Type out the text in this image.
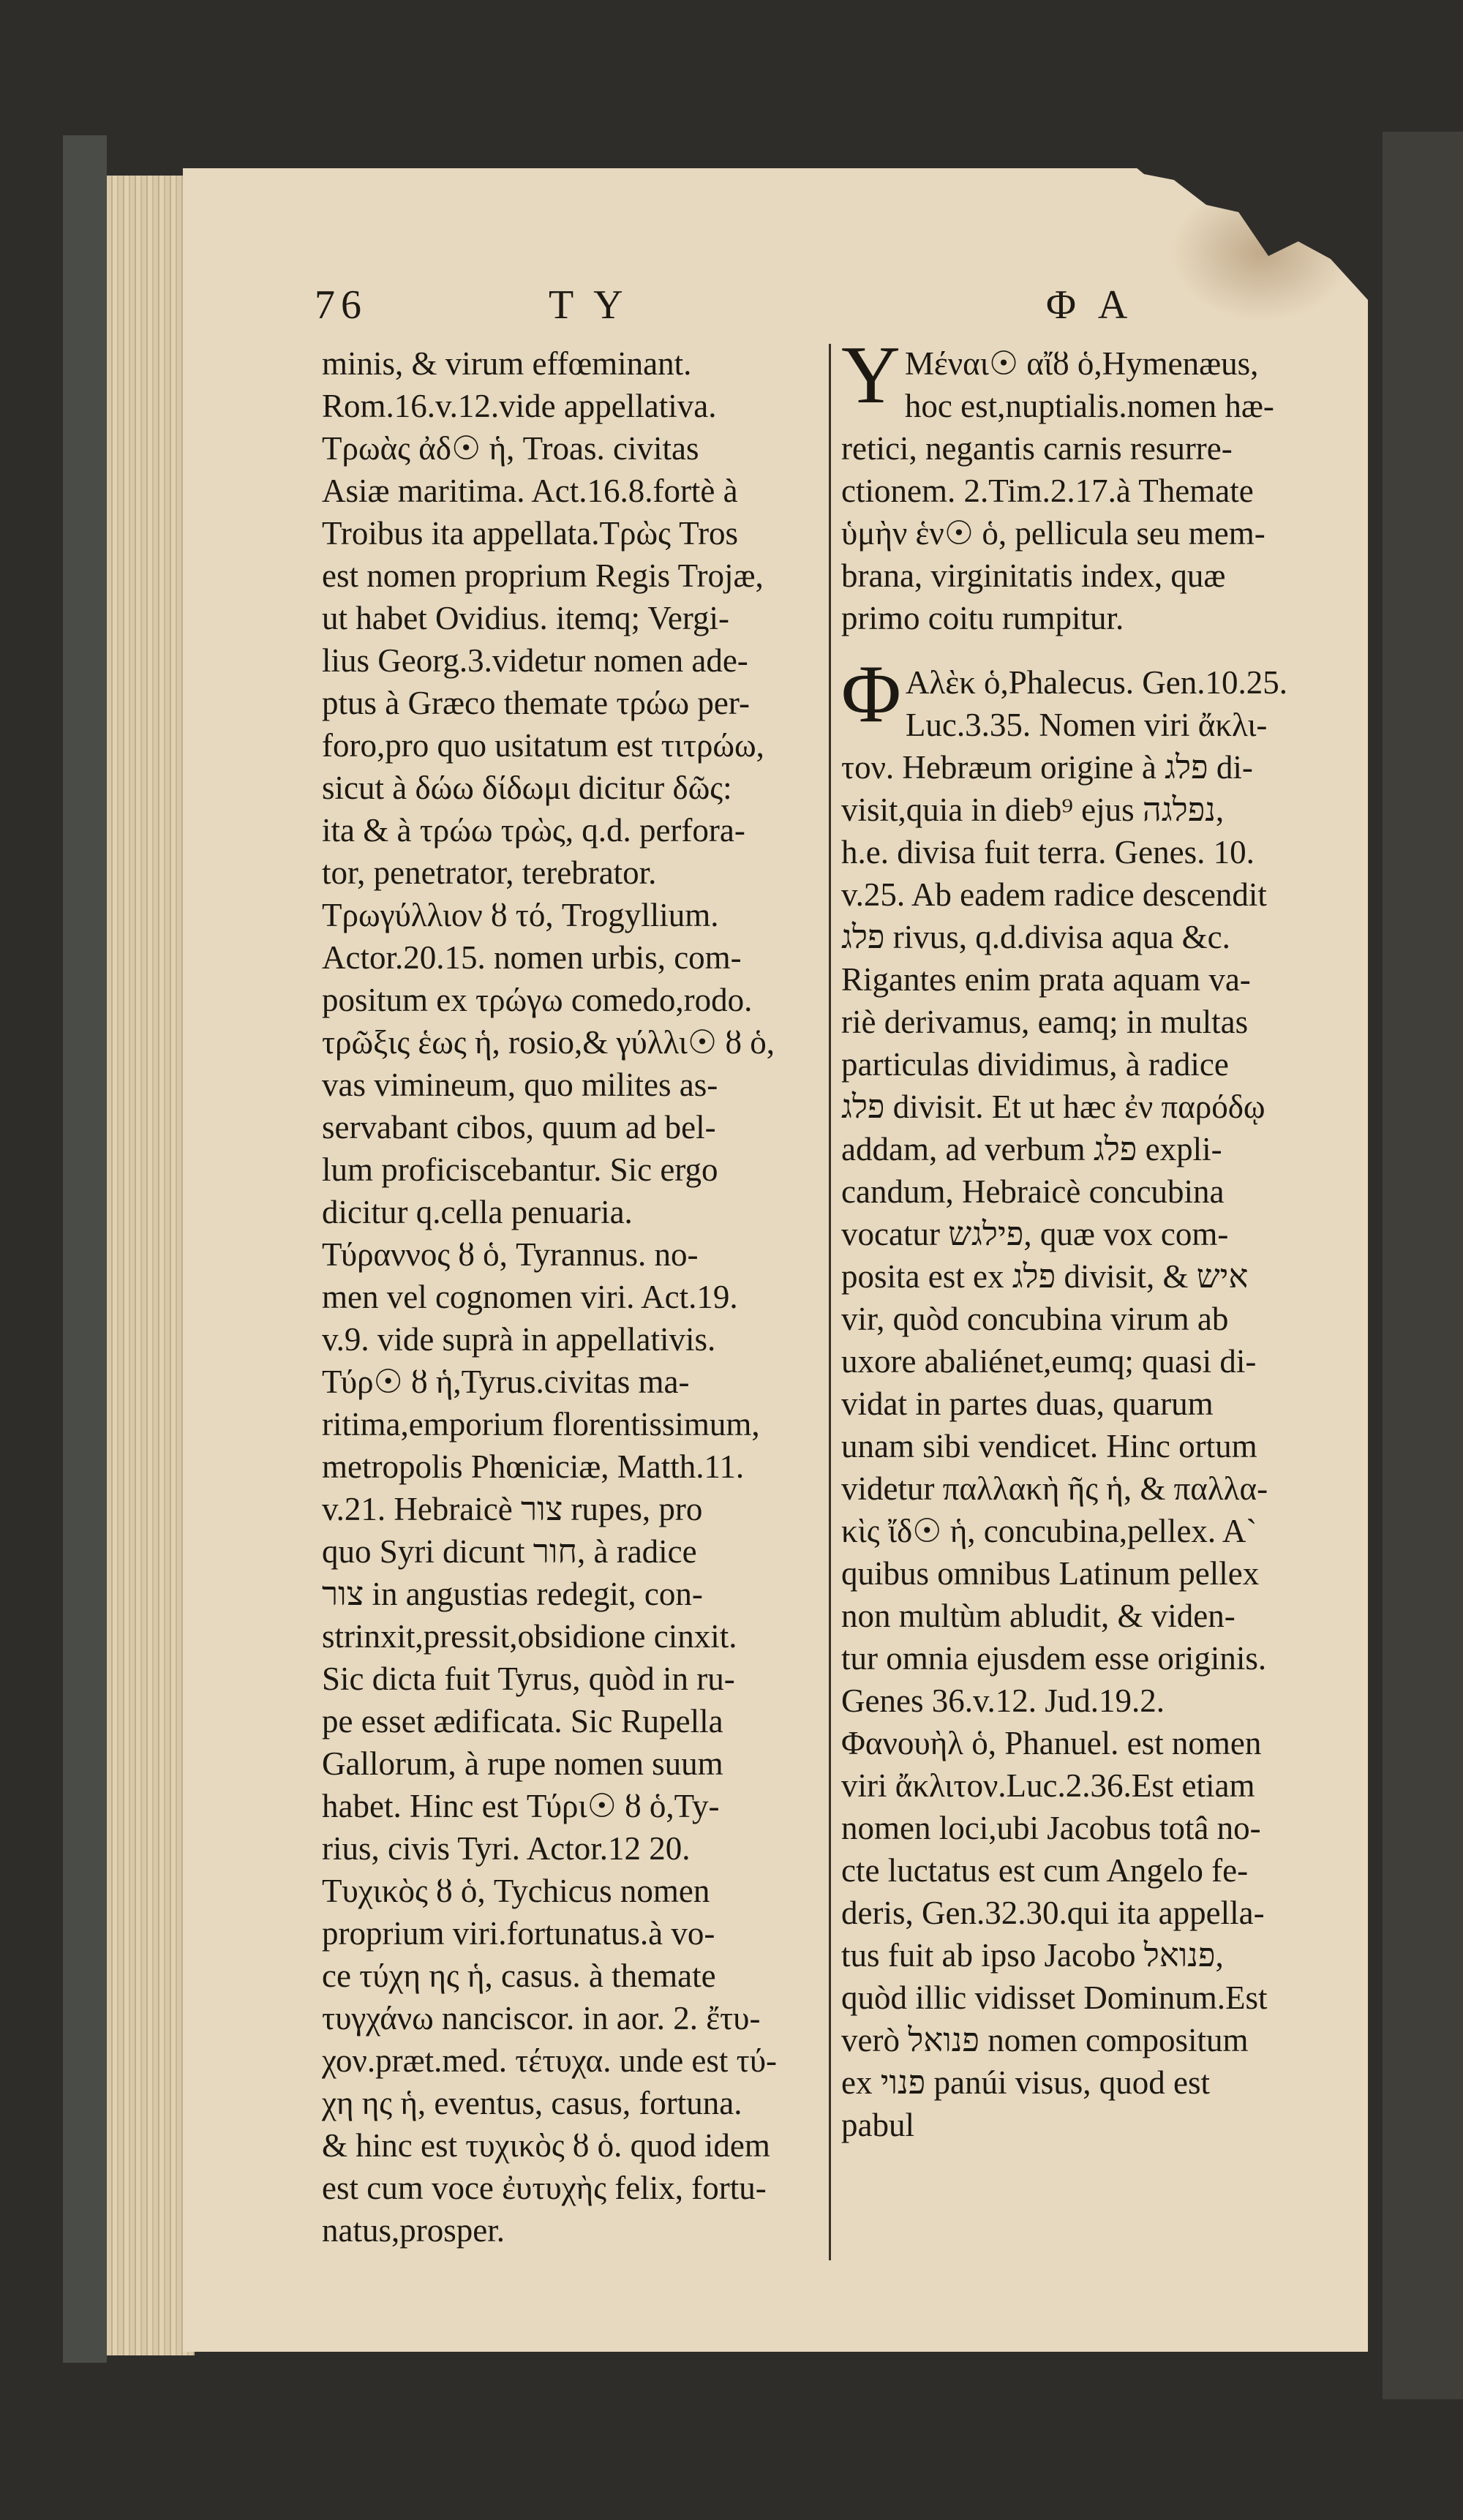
76	T Y	Φ A

minis, & virum effœminant.

Rom.16.v.12.vide appellativa.

Τρωὰς ἀδ☉ ἡ, Troas. civitas

Asiæ maritima. Act.16.8.fortè à

Troibus ita appellata.Τρὼς Tros

est nomen proprium Regis Trojæ,

ut habet Ovidius. itemq; Vergi-

lius Georg.3.videtur nomen ade-

ptus à Græco themate τρώω per-

foro,pro quo usitatum est τιτρώω,

sicut à δώω δίδωμι dicitur δῶς:

ita & à τρώω τρὼς, q.d. perfora-

tor, penetrator, terebrator.

Τρωγύλλιον ȣ τό, Trogyllium.

Actor.20.15. nomen urbis, com-

positum ex τρώγω comedo,rodo.

τρῶξις ἑως ἡ, rosio,& γύλλι☉ ȣ ὁ,

vas vimineum, quo milites as-

servabant cibos, quum ad bel-

lum proficiscebantur. Sic ergo

dicitur q.cella penuaria.

Τύραννος ȣ ὁ, Tyrannus. no-

men vel cognomen viri. Act.19.

v.9. vide suprà in appellativis.

Τύρ☉ ȣ ἡ,Tyrus.civitas ma-

ritima,emporium florentissimum,

metropolis Phœniciæ, Matth.11.

v.21. Hebraicè צור rupes, pro

quo Syri dicunt חור, à radice

צור in angustias redegit, con-

strinxit,pressit,obsidione cinxit.

Sic dicta fuit Tyrus, quòd in ru-

pe esset ædificata. Sic Rupella

Gallorum, à rupe nomen suum

habet. Hinc est Τύρι☉ ȣ ὁ,Ty-

rius, civis Tyri. Actor.12 20.

Τυχικὸς ȣ ὁ, Tychicus nomen

proprium viri.fortunatus.à vo-

ce τύχη ης ἡ, casus. à themate

τυγχάνω nanciscor. in aor. 2. ἔτυ-

χον.præt.med. τέτυχα. unde est τύ-

χη ης ἡ, eventus, casus, fortuna.

& hinc est τυχικὸς ȣ ὁ. quod idem

est cum voce ἐυτυχὴς felix, fortu-

natus,prosper.

Y Μέναι☉ αἴȣ ὁ,Hymenæus,

hoc est,nuptialis.nomen hæ-

retici, negantis carnis resurre-

ctionem. 2.Tim.2.17.à Themate

ὑμὴν ἑν☉ ὁ, pellicula seu mem-

brana, virginitatis index, quæ

primo coitu rumpitur.

Φ Αλὲκ ὁ,Phalecus. Gen.10.25.

Luc.3.35. Nomen viri ἄκλι-

τον. Hebræum origine à פלג di-

visit,quia in dieb⁹ ejus נפלגה,

h.e. divisa fuit terra. Genes. 10.

v.25. Ab eadem radice descendit

פלג rivus, q.d.divisa aqua &c.

Rigantes enim prata aquam va-

riè derivamus, eamq; in multas

particulas dividimus, à radice

פלג divisit. Et ut hæc ἐν παρόδῳ

addam, ad verbum פלג expli-

candum, Hebraicè concubina

vocatur פילגש, quæ vox com-

posita est ex פלג divisit, & איש

vir, quòd concubina virum ab

uxore abaliénet,eumq; quasi di-

vidat in partes duas, quarum

unam sibi vendicet. Hinc ortum

videtur παλλακὴ ῆς ἡ, & παλλα-

κὶς ἴδ☉ ἡ, concubina,pellex. A`

quibus omnibus Latinum pellex

non multùm abludit, & viden-

tur omnia ejusdem esse originis.

Genes 36.v.12. Jud.19.2.

Φανουὴλ ὁ, Phanuel. est nomen

viri ἄκλιτον.Luc.2.36.Est etiam

nomen loci,ubi Jacobus totâ no-

cte luctatus est cum Angelo fe-

deris, Gen.32.30.qui ita appella-

tus fuit ab ipso Jacobo פנואל,

quòd illic vidisset Dominum.Est

verò פנואל nomen compositum

ex פנוי panúi visus, quod est

pabul
